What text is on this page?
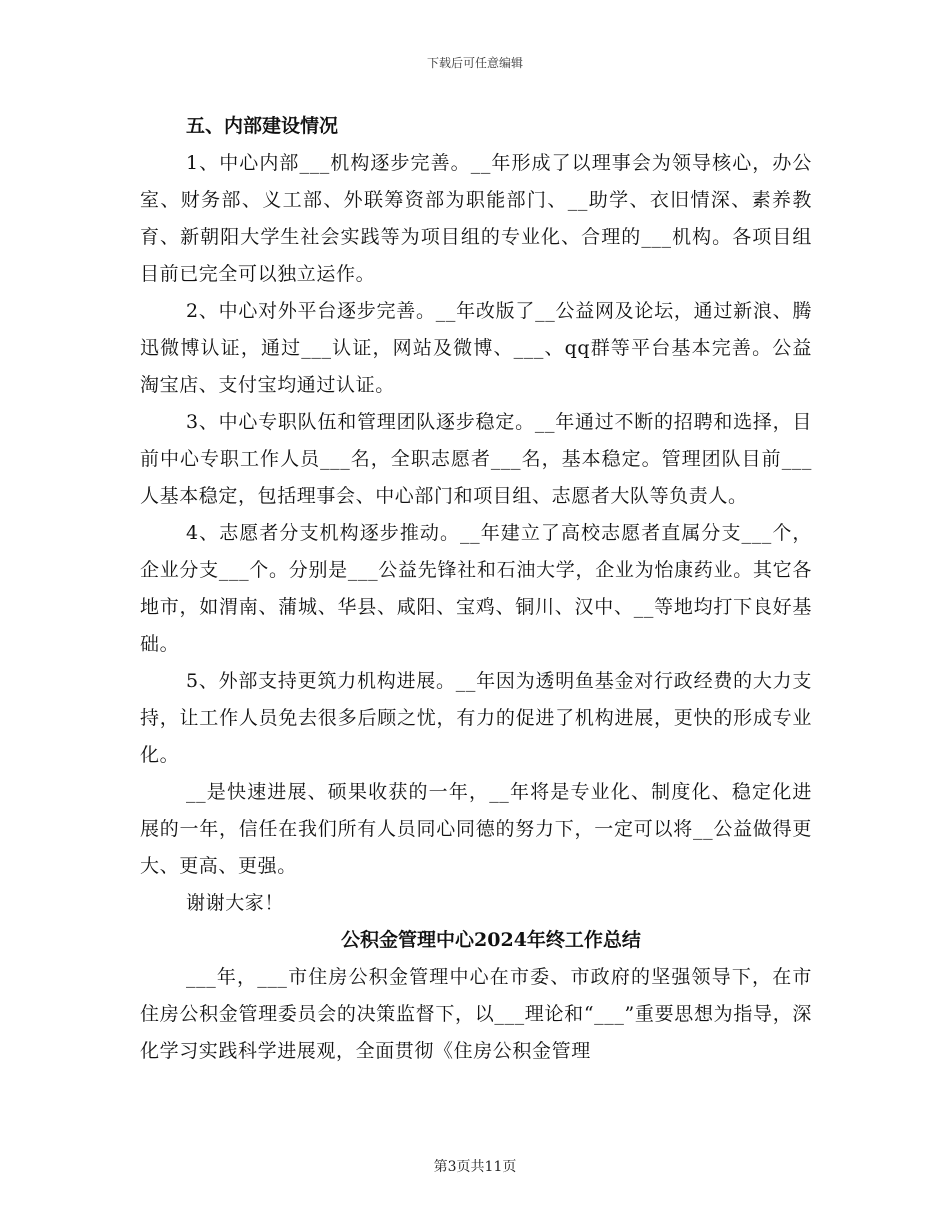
下载后可任意编辑
五、内部建设情况

1、中心内部___机构逐步完善。__年形成了以理事会为领导核心，办公室、财务部、义工部、外联筹资部为职能部门、__助学、衣旧情深、素养教育、新朝阳大学生社会实践等为项目组的专业化、合理的___机构。各项目组目前已完全可以独立运作。

2、中心对外平台逐步完善。__年改版了__公益网及论坛，通过新浪、腾迅微博认证，通过___认证，网站及微博、___、qq群等平台基本完善。公益淘宝店、支付宝均通过认证。

3、中心专职队伍和管理团队逐步稳定。__年通过不断的招聘和选择，目前中心专职工作人员___名，全职志愿者___名，基本稳定。管理团队目前___人基本稳定，包括理事会、中心部门和项目组、志愿者大队等负责人。

4、志愿者分支机构逐步推动。__年建立了高校志愿者直属分支___个，企业分支___个。分别是___公益先锋社和石油大学，企业为怡康药业。其它各地市，如渭南、蒲城、华县、咸阳、宝鸡、铜川、汉中、__等地均打下良好基础。

5、外部支持更筑力机构进展。__年因为透明鱼基金对行政经费的大力支持，让工作人员免去很多后顾之忧，有力的促进了机构进展，更快的形成专业化。

__是快速进展、硕果收获的一年，__年将是专业化、制度化、稳定化进展的一年，信任在我们所有人员同心同德的努力下，一定可以将__公益做得更大、更高、更强。

谢谢大家！

公积金管理中心2024年终工作总结

___年，___市住房公积金管理中心在市委、市政府的坚强领导下，在市住房公积金管理委员会的决策监督下，以___理论和“___”重要思想为指导，深化学习实践科学进展观，全面贯彻《住房公积金管理

第3页共11页
